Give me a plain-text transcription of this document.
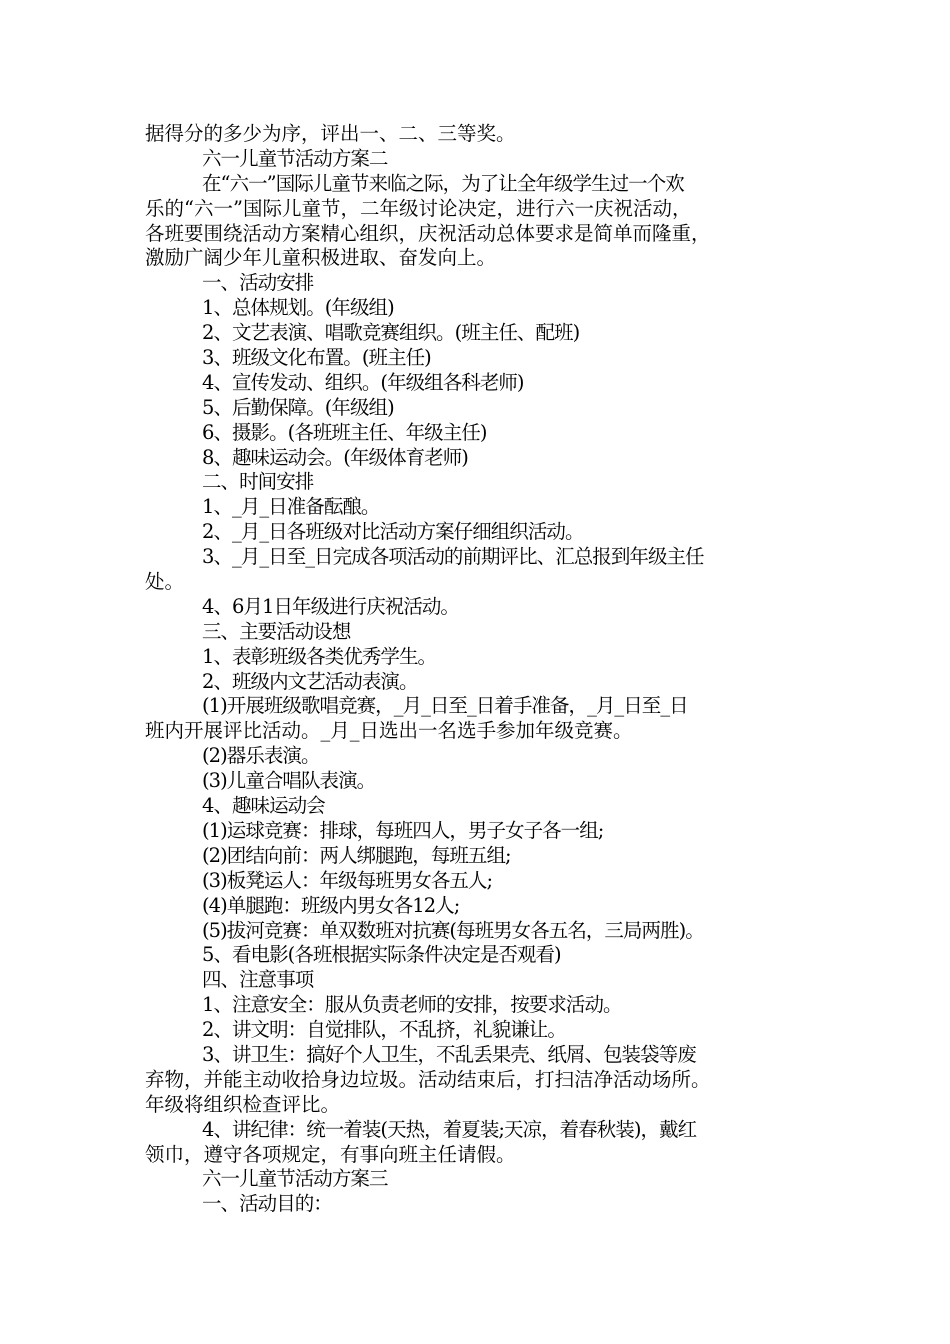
据得分的多少为序，评出一、二、三等奖。
六一儿童节活动方案二
在“六一”国际儿童节来临之际，为了让全年级学生过一个欢
乐的“六一”国际儿童节，二年级讨论决定，进行六一庆祝活动，
各班要围绕活动方案精心组织，庆祝活动总体要求是简单而隆重，
激励广阔少年儿童积极进取、奋发向上。
一、活动安排
1、总体规划。(年级组)
2、文艺表演、唱歌竞赛组织。(班主任、配班)
3、班级文化布置。(班主任)
4、宣传发动、组织。(年级组各科老师)
5、后勤保障。(年级组)
6、摄影。(各班班主任、年级主任)
8、趣味运动会。(年级体育老师)
二、时间安排
1、_月_日准备酝酿。
2、_月_日各班级对比活动方案仔细组织活动。
3、_月_日至_日完成各项活动的前期评比、汇总报到年级主任
处。
4、6月1日年级进行庆祝活动。
三、主要活动设想
1、表彰班级各类优秀学生。
2、班级内文艺活动表演。
(1)开展班级歌唱竞赛，_月_日至_日着手准备，_月_日至_日
班内开展评比活动。_月_日选出一名选手参加年级竞赛。
(2)器乐表演。
(3)儿童合唱队表演。
4、趣味运动会
(1)运球竞赛：排球，每班四人，男子女子各一组;
(2)团结向前：两人绑腿跑，每班五组;
(3)板凳运人：年级每班男女各五人;
(4)单腿跑：班级内男女各12人;
(5)拔河竞赛：单双数班对抗赛(每班男女各五名，三局两胜)。
5、看电影(各班根据实际条件决定是否观看)
四、注意事项
1、注意安全：服从负责老师的安排，按要求活动。
2、讲文明：自觉排队，不乱挤，礼貌谦让。
3、讲卫生：搞好个人卫生，不乱丢果壳、纸屑、包装袋等废
弃物，并能主动收拾身边垃圾。活动结束后，打扫洁净活动场所。
年级将组织检查评比。
4、讲纪律：统一着装(天热，着夏装;天凉，着春秋装)，戴红
领巾，遵守各项规定，有事向班主任请假。
六一儿童节活动方案三
一、活动目的：
